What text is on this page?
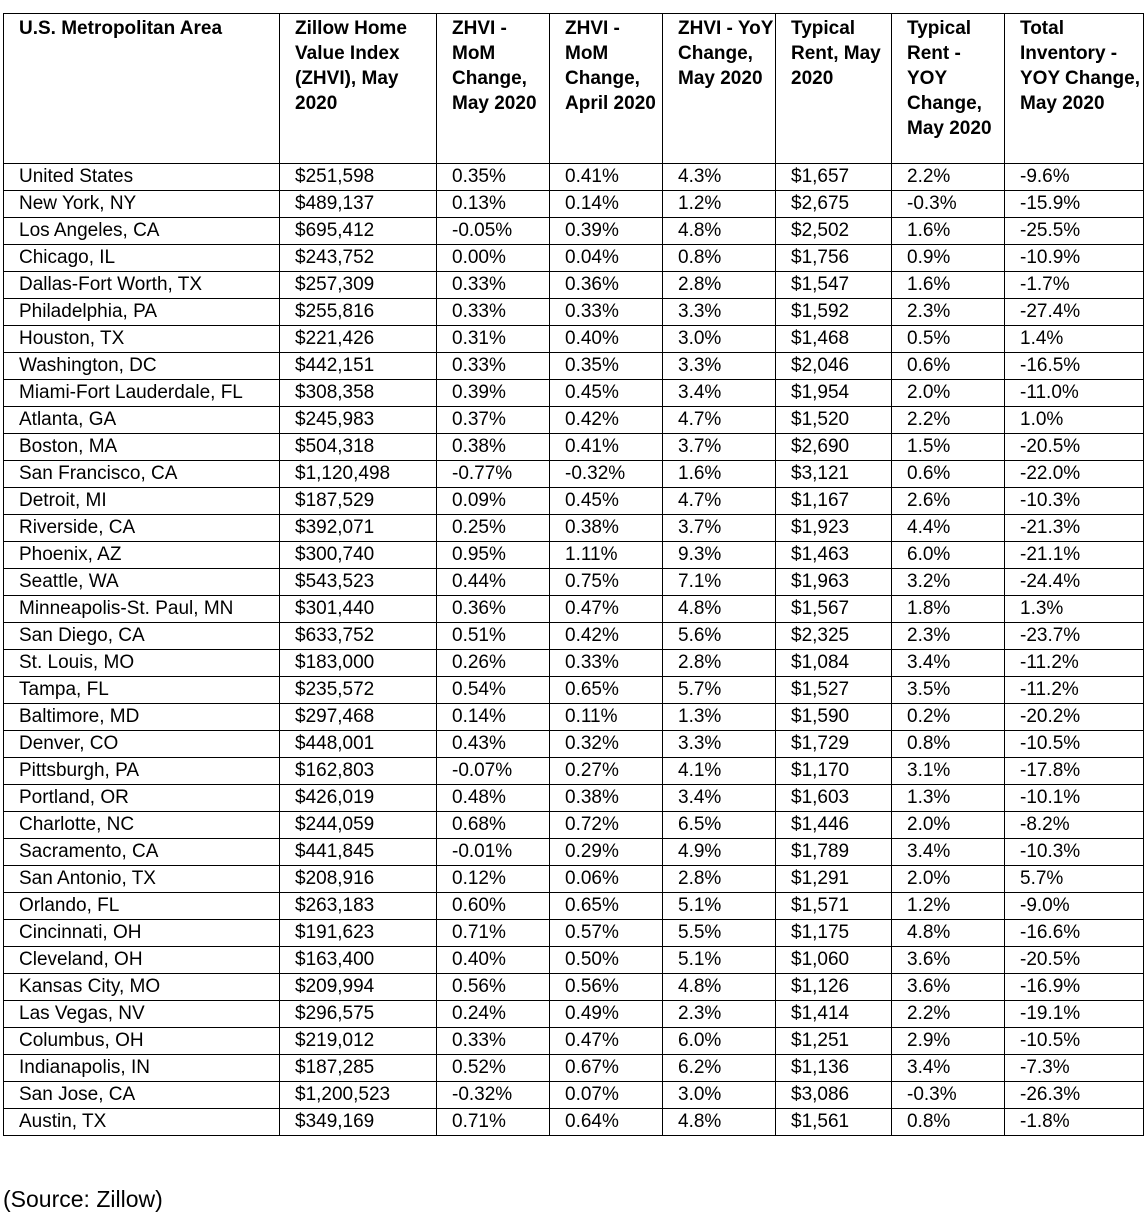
U.S. Metropolitan Area	Zillow Home Value Index (ZHVI), May 2020	ZHVI - MoM Change, May 2020	ZHVI - MoM Change, April 2020	ZHVI - YoY Change, May 2020	Typical Rent, May 2020	Typical Rent - YOY Change, May 2020	Total Inventory - YOY Change, May 2020
United States	$251,598	0.35%	0.41%	4.3%	$1,657	2.2%	-9.6%
New York, NY	$489,137	0.13%	0.14%	1.2%	$2,675	-0.3%	-15.9%
Los Angeles, CA	$695,412	-0.05%	0.39%	4.8%	$2,502	1.6%	-25.5%
Chicago, IL	$243,752	0.00%	0.04%	0.8%	$1,756	0.9%	-10.9%
Dallas-Fort Worth, TX	$257,309	0.33%	0.36%	2.8%	$1,547	1.6%	-1.7%
Philadelphia, PA	$255,816	0.33%	0.33%	3.3%	$1,592	2.3%	-27.4%
Houston, TX	$221,426	0.31%	0.40%	3.0%	$1,468	0.5%	1.4%
Washington, DC	$442,151	0.33%	0.35%	3.3%	$2,046	0.6%	-16.5%
Miami-Fort Lauderdale, FL	$308,358	0.39%	0.45%	3.4%	$1,954	2.0%	-11.0%
Atlanta, GA	$245,983	0.37%	0.42%	4.7%	$1,520	2.2%	1.0%
Boston, MA	$504,318	0.38%	0.41%	3.7%	$2,690	1.5%	-20.5%
San Francisco, CA	$1,120,498	-0.77%	-0.32%	1.6%	$3,121	0.6%	-22.0%
Detroit, MI	$187,529	0.09%	0.45%	4.7%	$1,167	2.6%	-10.3%
Riverside, CA	$392,071	0.25%	0.38%	3.7%	$1,923	4.4%	-21.3%
Phoenix, AZ	$300,740	0.95%	1.11%	9.3%	$1,463	6.0%	-21.1%
Seattle, WA	$543,523	0.44%	0.75%	7.1%	$1,963	3.2%	-24.4%
Minneapolis-St. Paul, MN	$301,440	0.36%	0.47%	4.8%	$1,567	1.8%	1.3%
San Diego, CA	$633,752	0.51%	0.42%	5.6%	$2,325	2.3%	-23.7%
St. Louis, MO	$183,000	0.26%	0.33%	2.8%	$1,084	3.4%	-11.2%
Tampa, FL	$235,572	0.54%	0.65%	5.7%	$1,527	3.5%	-11.2%
Baltimore, MD	$297,468	0.14%	0.11%	1.3%	$1,590	0.2%	-20.2%
Denver, CO	$448,001	0.43%	0.32%	3.3%	$1,729	0.8%	-10.5%
Pittsburgh, PA	$162,803	-0.07%	0.27%	4.1%	$1,170	3.1%	-17.8%
Portland, OR	$426,019	0.48%	0.38%	3.4%	$1,603	1.3%	-10.1%
Charlotte, NC	$244,059	0.68%	0.72%	6.5%	$1,446	2.0%	-8.2%
Sacramento, CA	$441,845	-0.01%	0.29%	4.9%	$1,789	3.4%	-10.3%
San Antonio, TX	$208,916	0.12%	0.06%	2.8%	$1,291	2.0%	5.7%
Orlando, FL	$263,183	0.60%	0.65%	5.1%	$1,571	1.2%	-9.0%
Cincinnati, OH	$191,623	0.71%	0.57%	5.5%	$1,175	4.8%	-16.6%
Cleveland, OH	$163,400	0.40%	0.50%	5.1%	$1,060	3.6%	-20.5%
Kansas City, MO	$209,994	0.56%	0.56%	4.8%	$1,126	3.6%	-16.9%
Las Vegas, NV	$296,575	0.24%	0.49%	2.3%	$1,414	2.2%	-19.1%
Columbus, OH	$219,012	0.33%	0.47%	6.0%	$1,251	2.9%	-10.5%
Indianapolis, IN	$187,285	0.52%	0.67%	6.2%	$1,136	3.4%	-7.3%
San Jose, CA	$1,200,523	-0.32%	0.07%	3.0%	$3,086	-0.3%	-26.3%
Austin, TX	$349,169	0.71%	0.64%	4.8%	$1,561	0.8%	-1.8%
(Source: Zillow)
